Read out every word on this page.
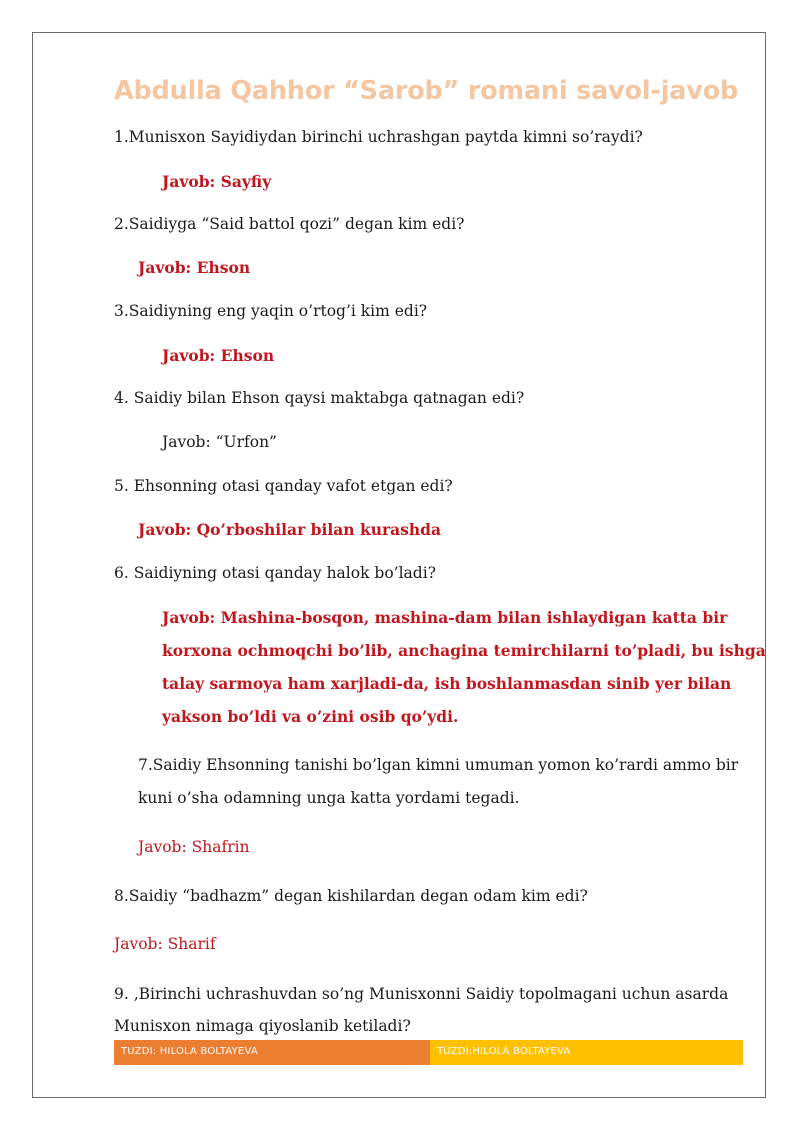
Abdulla Qahhor “Sarob” romani savol-javob
1.Munisxon Sayidiydan birinchi uchrashgan paytda kimni so’raydi?
Javob: Sayfiy
2.Saidiyga “Said battol qozi” degan kim edi?
Javob: Ehson
3.Saidiyning eng yaqin o’rtog’i kim edi?
Javob: Ehson
4. Saidiy bilan Ehson qaysi maktabga qatnagan edi?
Javob: “Urfon”
5. Ehsonning otasi qanday vafot etgan edi?
Javob: Qo’rboshilar bilan kurashda
6. Saidiyning otasi qanday halok bo’ladi?
Javob: Mashina-bosqon, mashina-dam bilan ishlaydigan katta bir
korxona ochmoqchi bo’lib, anchagina temirchilarni to’pladi, bu ishga
talay sarmoya ham xarjladi-da, ish boshlanmasdan sinib yer bilan
yakson bo’ldi va o’zini osib qo’ydi.
7.Saidiy Ehsonning tanishi bo’lgan kimni umuman yomon ko’rardi ammo bir
kuni o’sha odamning unga katta yordami tegadi.
Javob: Shafrin
8.Saidiy “badhazm” degan kishilardan degan odam kim edi?
Javob: Sharif
9. ‚Birinchi uchrashuvdan so’ng Munisxonni Saidiy topolmagani uchun asarda
Munisxon nimaga qiyoslanib ketiladi?
TUZDI: HILOLA BOLTAYEVA	TUZDI:HILOLA BOLTAYEVA
